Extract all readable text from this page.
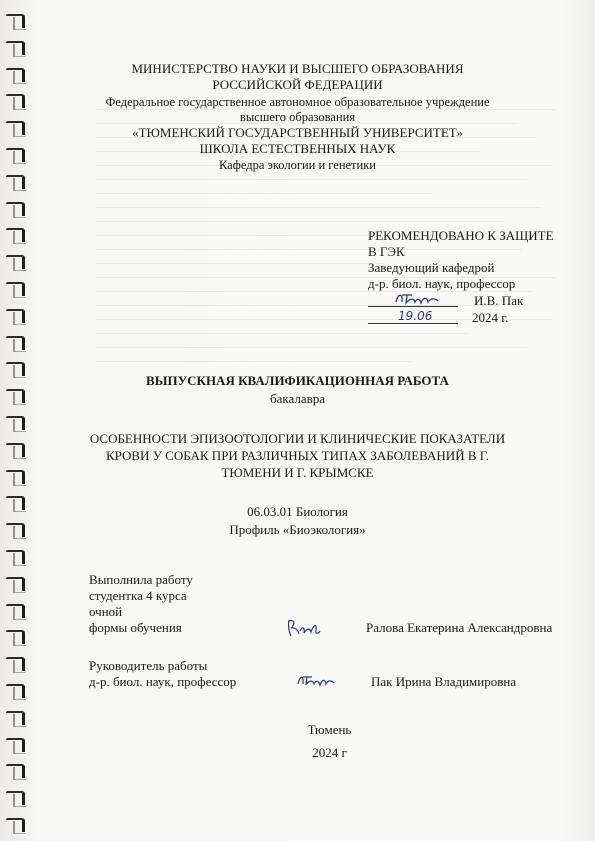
МИНИСТЕРСТВО НАУКИ И ВЫСШЕГО ОБРАЗОВАНИЯ
РОССИЙСКОЙ ФЕДЕРАЦИИ
Федеральное государственное автономное образовательное учреждение
высшего образования
«ТЮМЕНСКИЙ ГОСУДАРСТВЕННЫЙ УНИВЕРСИТЕТ»
ШКОЛА ЕСТЕСТВЕННЫХ НАУК
Кафедра экологии и генетики
РЕКОМЕНДОВАНО К ЗАЩИТЕ
В ГЭК
Заведующий кафедрой
д-р. биол. наук, профессор
И.В. Пак
19.06	2024 г.
ВЫПУСКНАЯ КВАЛИФИКАЦИОННАЯ РАБОТА
бакалавра
ОСОБЕННОСТИ ЭПИЗООТОЛОГИИ И КЛИНИЧЕСКИЕ ПОКАЗАТЕЛИ
КРОВИ У СОБАК ПРИ РАЗЛИЧНЫХ ТИПАХ ЗАБОЛЕВАНИЙ В Г.
ТЮМЕНИ И Г. КРЫМСКЕ
06.03.01 Биология
Профиль «Биоэкология»
Выполнила работу
студентка 4 курса
очной
формы обучения	Ралова Екатерина Александровна
Руководитель работы
д-р. биол. наук, профессор	Пак Ирина Владимировна
Тюмень
2024 г
